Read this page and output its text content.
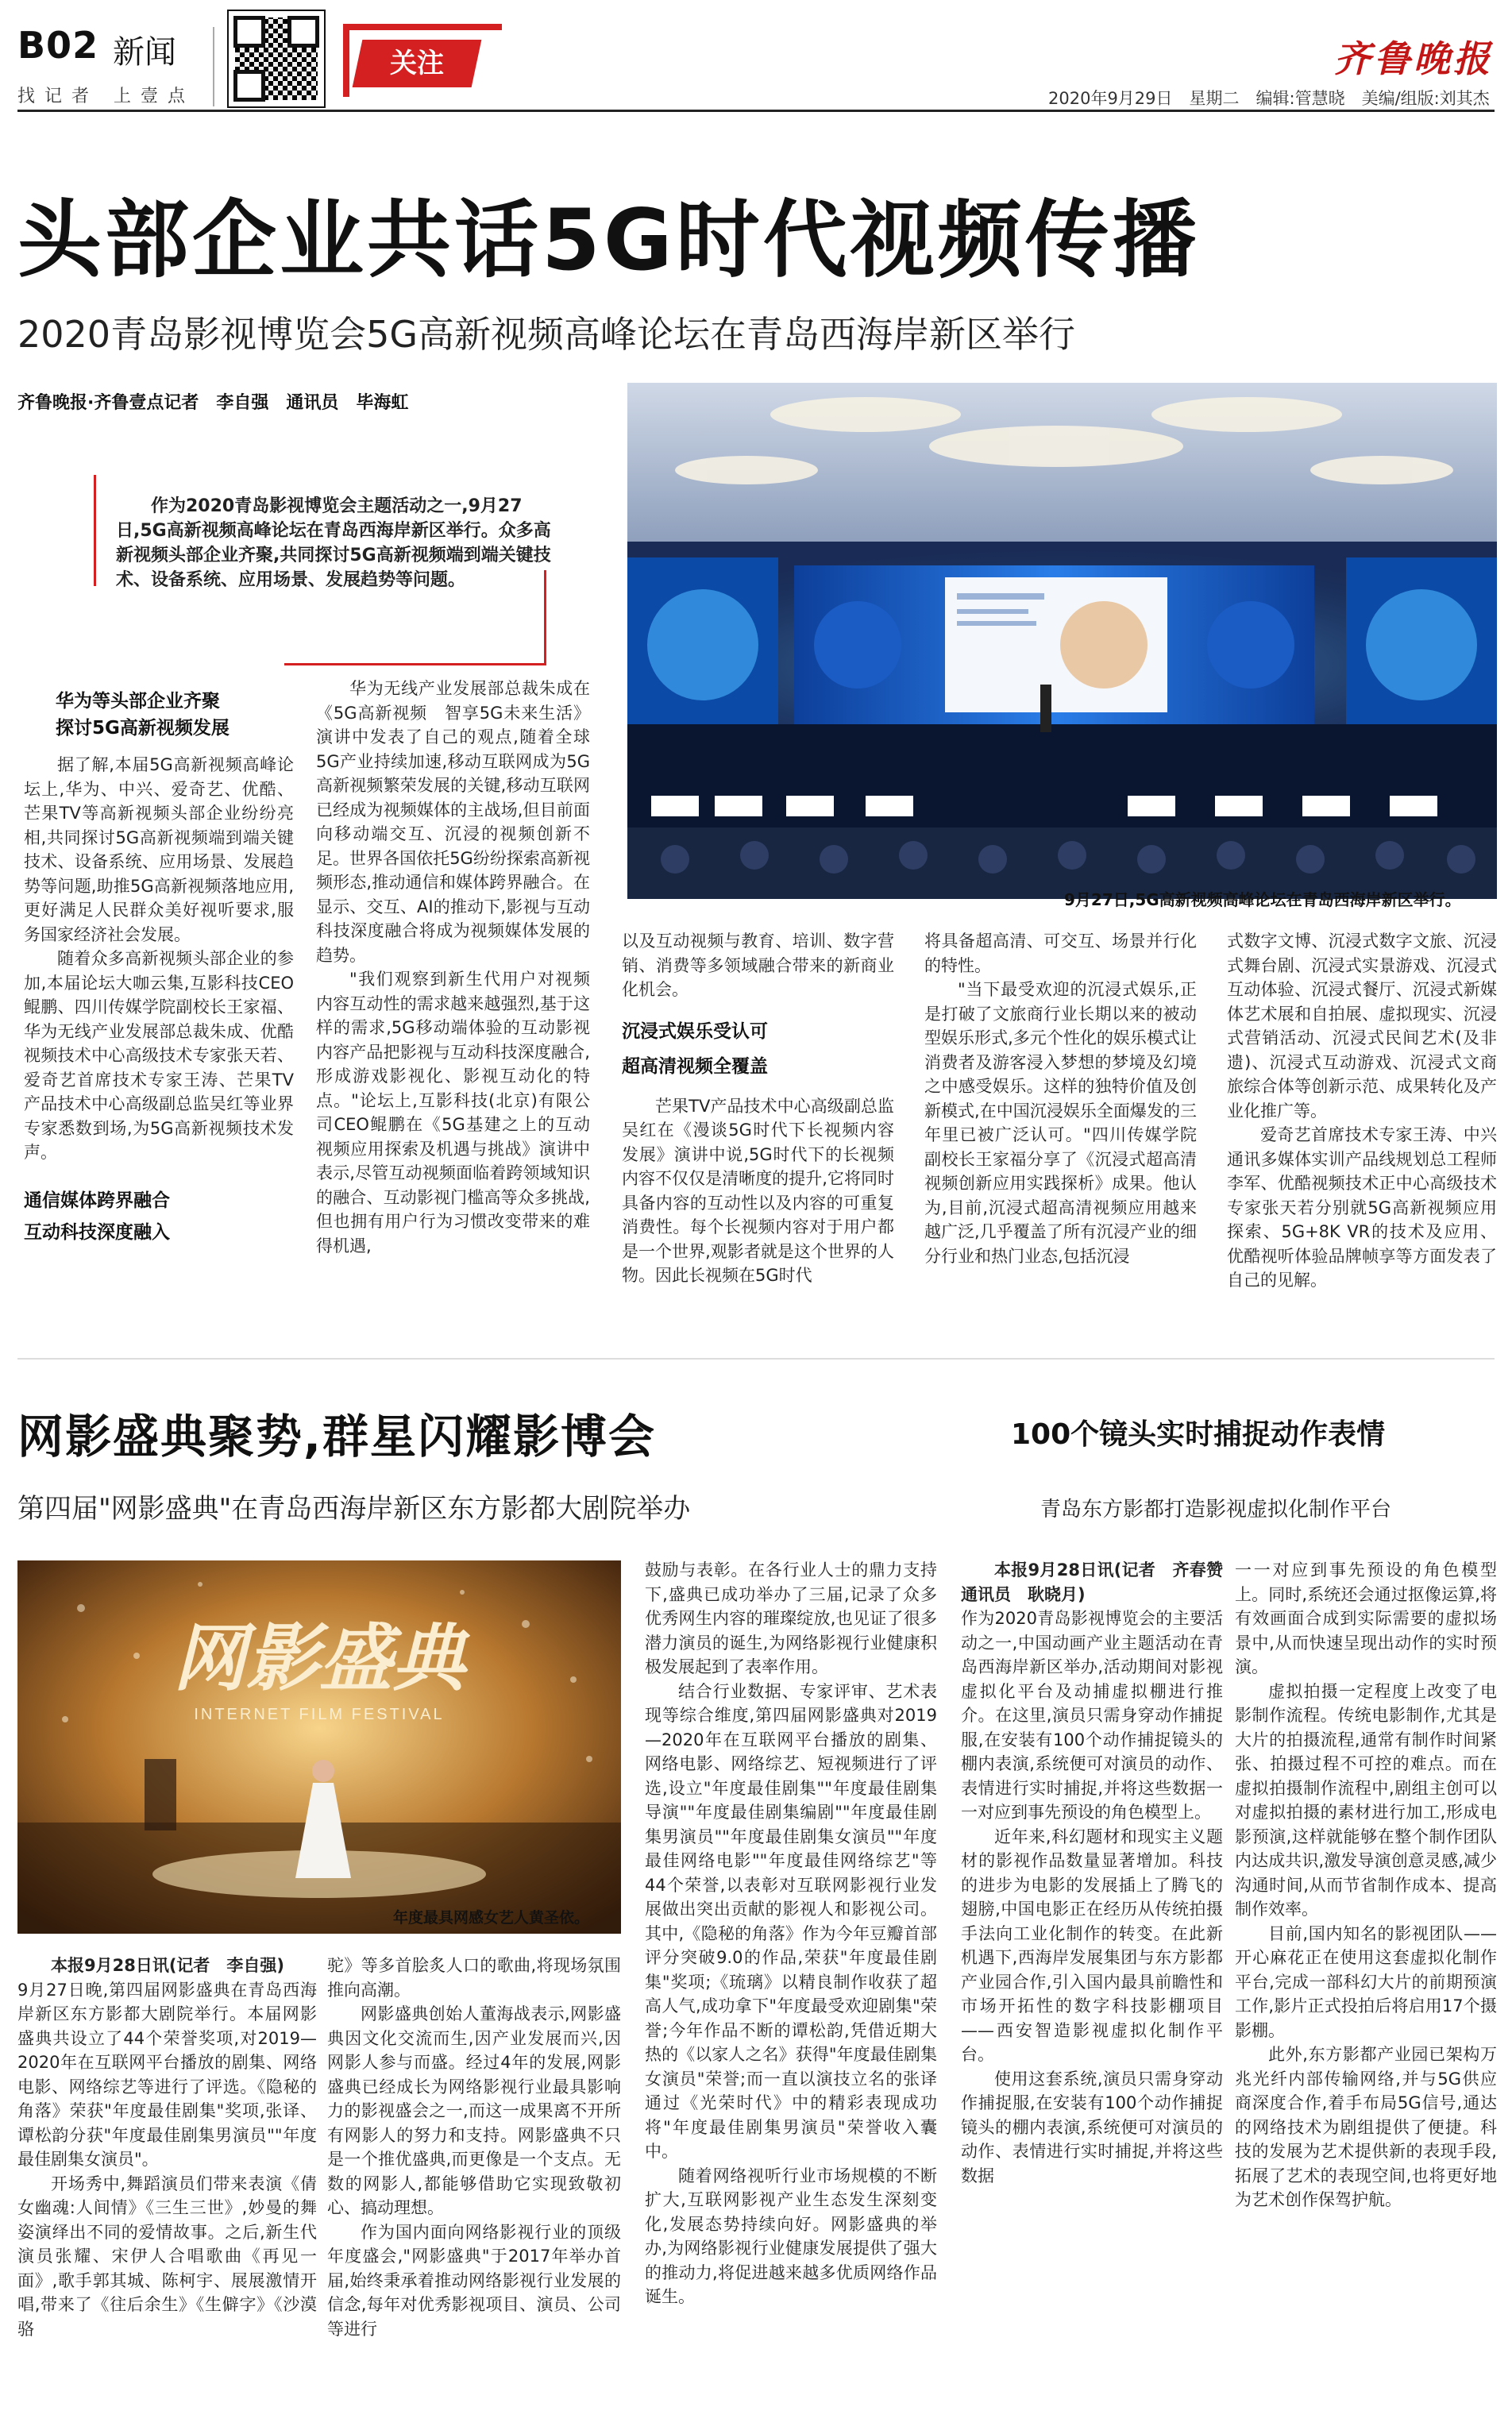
B02 新闻
找记者 上壹点
关注	齐鲁晚报
2020年9月29日　星期二　编辑:管慧晓　美编/组版:刘其杰
头部企业共话5G时代视频传播
2020青岛影视博览会5G高新视频高峰论坛在青岛西海岸新区举行
齐鲁晚报·齐鲁壹点记者　李自强　通讯员　毕海虹
作为2020青岛影视博览会主题活动之一,9月27日,5G高新视频高峰论坛在青岛西海岸新区举行。众多高新视频头部企业齐聚,共同探讨5G高新视频端到端关键技术、设备系统、应用场景、发展趋势等问题。
华为等头部企业齐聚
探讨5G高新视频发展

据了解,本届5G高新视频高峰论坛上,华为、中兴、爱奇艺、优酷、芒果TV等高新视频头部企业纷纷亮相,共同探讨5G高新视频端到端关键技术、设备系统、应用场景、发展趋势等问题,助推5G高新视频落地应用,更好满足人民群众美好视听要求,服务国家经济社会发展。

随着众多高新视频头部企业的参加,本届论坛大咖云集,互影科技CEO鲲鹏、四川传媒学院副校长王家福、华为无线产业发展部总裁朱成、优酷视频技术中心高级技术专家张天若、爱奇艺首席技术专家王涛、芒果TV产品技术中心高级副总监吴红等业界专家悉数到场,为5G高新视频技术发声。

通信媒体跨界融合
互动科技深度融入

华为无线产业发展部总裁朱成在《5G高新视频　智享5G未来生活》演讲中发表了自己的观点,随着全球5G产业持续加速,移动互联网成为5G高新视频繁荣发展的关键,移动互联网已经成为视频媒体的主战场,但目前面向移动端交互、沉浸的视频创新不足。世界各国依托5G纷纷探索高新视频形态,推动通信和媒体跨界融合。在显示、交互、AI的推动下,影视与互动科技深度融合将成为视频媒体发展的趋势。

"我们观察到新生代用户对视频内容互动性的需求越来越强烈,基于这样的需求,5G移动端体验的互动影视内容产品把影视与互动科技深度融合,形成游戏影视化、影视互动化的特点。"论坛上,互影科技(北京)有限公司CEO鲲鹏在《5G基建之上的互动视频应用探索及机遇与挑战》演讲中表示,尽管互动视频面临着跨领域知识的融合、互动影视门槛高等众多挑战,但也拥有用户行为习惯改变带来的难得机遇,

9月27日,5G高新视频高峰论坛在青岛西海岸新区举行。

以及互动视频与教育、培训、数字营销、消费等多领域融合带来的新商业化机会。

沉浸式娱乐受认可
超高清视频全覆盖

芒果TV产品技术中心高级副总监吴红在《漫谈5G时代下长视频内容发展》演讲中说,5G时代下的长视频内容不仅仅是清晰度的提升,它将同时具备内容的互动性以及内容的可重复消费性。每个长视频内容对于用户都是一个世界,观影者就是这个世界的人物。因此长视频在5G时代

将具备超高清、可交互、场景并行化的特性。

"当下最受欢迎的沉浸式娱乐,正是打破了文旅商行业长期以来的被动型娱乐形式,多元个性化的娱乐模式让消费者及游客浸入梦想的梦境及幻境之中感受娱乐。这样的独特价值及创新模式,在中国沉浸娱乐全面爆发的三年里已被广泛认可。"四川传媒学院副校长王家福分享了《沉浸式超高清视频创新应用实践探析》成果。他认为,目前,沉浸式超高清视频应用越来越广泛,几乎覆盖了所有沉浸产业的细分行业和热门业态,包括沉浸

式数字文博、沉浸式数字文旅、沉浸式舞台剧、沉浸式实景游戏、沉浸式互动体验、沉浸式餐厅、沉浸式新媒体艺术展和自拍展、虚拟现实、沉浸式营销活动、沉浸式民间艺术(及非遗)、沉浸式互动游戏、沉浸式文商旅综合体等创新示范、成果转化及产业化推广等。

爱奇艺首席技术专家王涛、中兴通讯多媒体实训产品线规划总工程师李军、优酷视频技术正中心高级技术专家张天若分别就5G高新视频应用探索、5G+8K VR的技术及应用、优酷视听体验品牌帧享等方面发表了自己的见解。

网影盛典聚势,群星闪耀影博会
第四届"网影盛典"在青岛西海岸新区东方影都大剧院举办
网影盛典
INTERNET FILM FESTIVAL
年度最具网感女艺人黄圣依。
本报9月28日讯(记者　李自强)

9月27日晚,第四届网影盛典在青岛西海岸新区东方影都大剧院举行。本届网影盛典共设立了44个荣誉奖项,对2019—2020年在互联网平台播放的剧集、网络电影、网络综艺等进行了评选。《隐秘的角落》荣获"年度最佳剧集"奖项,张译、谭松韵分获"年度最佳剧集男演员""年度最佳剧集女演员"。

开场秀中,舞蹈演员们带来表演《倩女幽魂:人间情》《三生三世》,妙曼的舞姿演绎出不同的爱情故事。之后,新生代演员张耀、宋伊人合唱歌曲《再见一面》,歌手郭其城、陈柯宇、展展激情开唱,带来了《往后余生》《生僻字》《沙漠骆

驼》等多首脍炙人口的歌曲,将现场氛围推向高潮。

网影盛典创始人董海战表示,网影盛典因文化交流而生,因产业发展而兴,因网影人参与而盛。经过4年的发展,网影盛典已经成长为网络影视行业最具影响力的影视盛会之一,而这一成果离不开所有网影人的努力和支持。网影盛典不只是一个推优盛典,而更像是一个支点。无数的网影人,都能够借助它实现致敬初心、搞动理想。

作为国内面向网络影视行业的顶级年度盛会,"网影盛典"于2017年举办首届,始终秉承着推动网络影视行业发展的信念,每年对优秀影视项目、演员、公司等进行

鼓励与表彰。在各行业人士的鼎力支持下,盛典已成功举办了三届,记录了众多优秀网生内容的璀璨绽放,也见证了很多潜力演员的诞生,为网络影视行业健康积极发展起到了表率作用。

结合行业数据、专家评审、艺术表现等综合维度,第四届网影盛典对2019—2020年在互联网平台播放的剧集、网络电影、网络综艺、短视频进行了评选,设立"年度最佳剧集""年度最佳剧集导演""年度最佳剧集编剧""年度最佳剧集男演员""年度最佳剧集女演员""年度最佳网络电影""年度最佳网络综艺"等44个荣誉,以表彰对互联网影视行业发展做出突出贡献的影视人和影视公司。其中,《隐秘的角落》作为今年豆瓣首部评分突破9.0的作品,荣获"年度最佳剧集"奖项;《琉璃》以精良制作收获了超高人气,成功拿下"年度最受欢迎剧集"荣誉;今年作品不断的谭松韵,凭借近期大热的《以家人之名》获得"年度最佳剧集女演员"荣誉;而一直以演技立名的张译通过《光荣时代》中的精彩表现成功将"年度最佳剧集男演员"荣誉收入囊中。

随着网络视听行业市场规模的不断扩大,互联网影视产业生态发生深刻变化,发展态势持续向好。网影盛典的举办,为网络影视行业健康发展提供了强大的推动力,将促进越来越多优质网络作品诞生。

100个镜头实时捕捉动作表情
青岛东方影都打造影视虚拟化制作平台
本报9月28日讯(记者　齐春赞　通讯员　耿晓月)

作为2020青岛影视博览会的主要活动之一,中国动画产业主题活动在青岛西海岸新区举办,活动期间对影视虚拟化平台及动捕虚拟棚进行推介。在这里,演员只需身穿动作捕捉服,在安装有100个动作捕捉镜头的棚内表演,系统便可对演员的动作、表情进行实时捕捉,并将这些数据一一对应到事先预设的角色模型上。

近年来,科幻题材和现实主义题材的影视作品数量显著增加。科技的进步为电影的发展插上了腾飞的翅膀,中国电影正在经历从传统拍摄手法向工业化制作的转变。在此新机遇下,西海岸发展集团与东方影都产业园合作,引入国内最具前瞻性和市场开拓性的数字科技影棚项目——西安智造影视虚拟化制作平台。

使用这套系统,演员只需身穿动作捕捉服,在安装有100个动作捕捉镜头的棚内表演,系统便可对演员的动作、表情进行实时捕捉,并将这些数据

一一对应到事先预设的角色模型上。同时,系统还会通过抠像运算,将有效画面合成到实际需要的虚拟场景中,从而快速呈现出动作的实时预演。

虚拟拍摄一定程度上改变了电影制作流程。传统电影制作,尤其是大片的拍摄流程,通常有制作时间紧张、拍摄过程不可控的难点。而在虚拟拍摄制作流程中,剧组主创可以对虚拟拍摄的素材进行加工,形成电影预演,这样就能够在整个制作团队内达成共识,激发导演创意灵感,减少沟通时间,从而节省制作成本、提高制作效率。

目前,国内知名的影视团队——开心麻花正在使用这套虚拟化制作平台,完成一部科幻大片的前期预演工作,影片正式投拍后将启用17个摄影棚。

此外,东方影都产业园已架构万兆光纤内部传输网络,并与5G供应商深度合作,着手布局5G信号,通达的网络技术为剧组提供了便捷。科技的发展为艺术提供新的表现手段,拓展了艺术的表现空间,也将更好地为艺术创作保驾护航。
